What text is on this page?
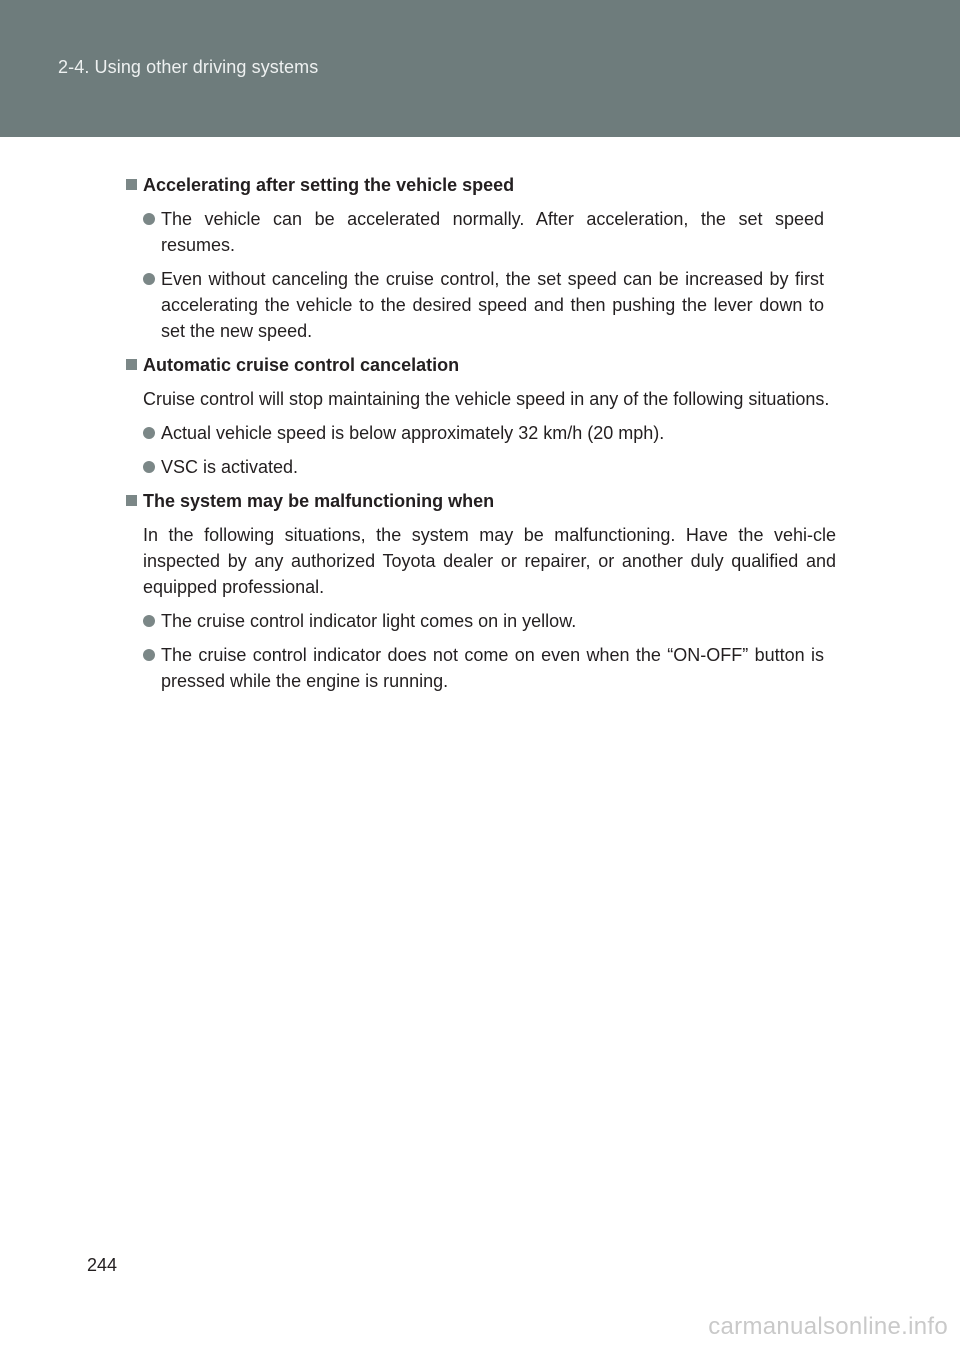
2-4. Using other driving systems
Accelerating after setting the vehicle speed
The vehicle can be accelerated normally. After acceleration, the set speed resumes.
Even without canceling the cruise control, the set speed can be increased by first accelerating the vehicle to the desired speed and then pushing the lever down to set the new speed.
Automatic cruise control cancelation
Cruise control will stop maintaining the vehicle speed in any of the following situations.
Actual vehicle speed is below approximately 32 km/h (20 mph).
VSC is activated.
The system may be malfunctioning when
In the following situations, the system may be malfunctioning. Have the vehi-cle inspected by any authorized Toyota dealer or repairer, or another duly qualified and equipped professional.
The cruise control indicator light comes on in yellow.
The cruise control indicator does not come on even when the “ON-OFF” button is pressed while the engine is running.
244
carmanualsonline.info
